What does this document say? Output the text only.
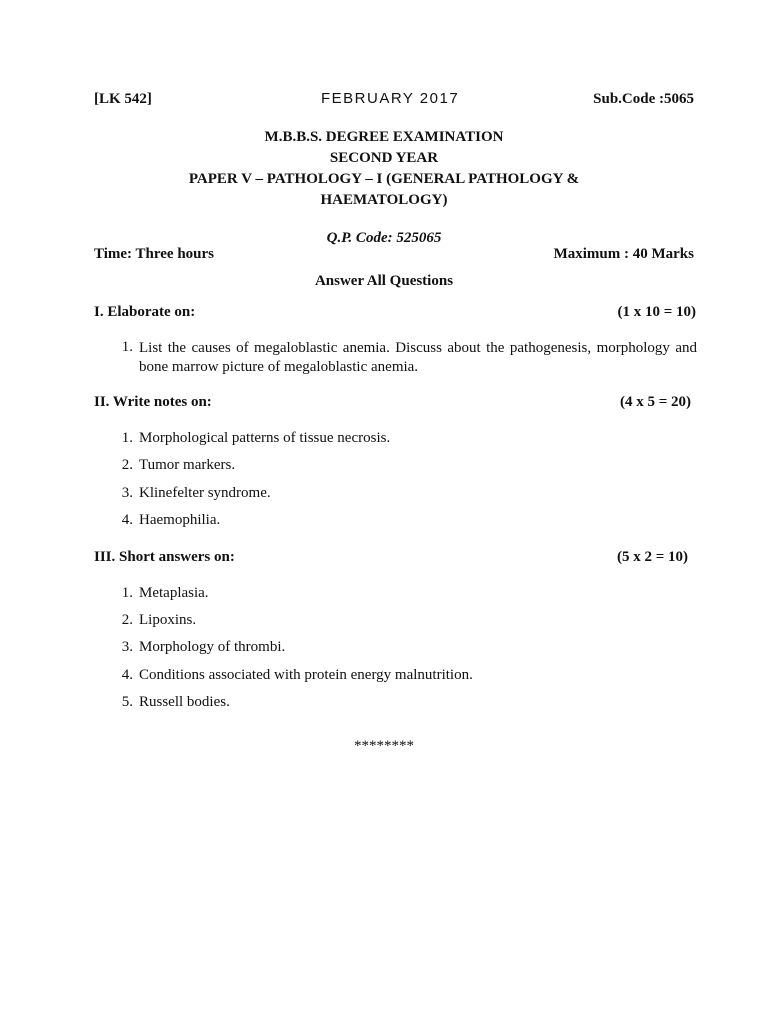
[LK 542]	FEBRUARY 2017	Sub.Code :5065
M.B.B.S. DEGREE EXAMINATION
SECOND YEAR
PAPER V – PATHOLOGY – I (GENERAL PATHOLOGY &
HAEMATOLOGY)
Q.P. Code: 525065
Time: Three hours	Maximum : 40 Marks
Answer All Questions
I. Elaborate on:	(1 x 10 = 10)
1. List the causes of megaloblastic anemia. Discuss about the pathogenesis, morphology and bone marrow picture of megaloblastic anemia.
II. Write notes on:	(4 x 5 = 20)
1. Morphological patterns of tissue necrosis.
2. Tumor markers.
3. Klinefelter syndrome.
4. Haemophilia.
III. Short answers on:	(5 x 2 = 10)
1. Metaplasia.
2. Lipoxins.
3. Morphology of thrombi.
4. Conditions associated with protein energy malnutrition.
5. Russell bodies.
********
